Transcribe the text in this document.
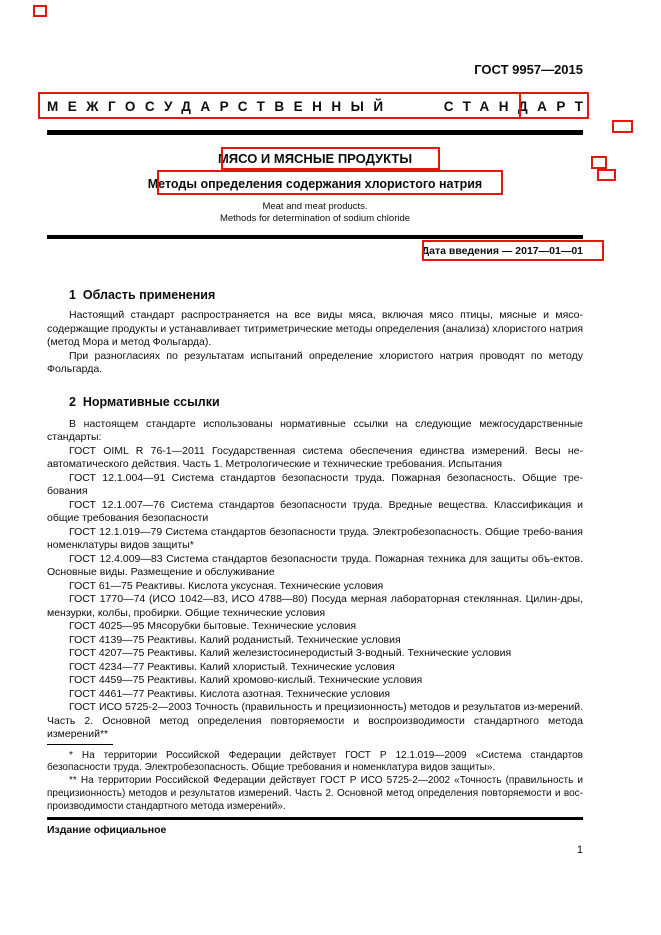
ГОСТ 9957—2015
МЕЖГОСУДАРСТВЕННЫЙ	СТАНДАРТ
МЯСО И МЯСНЫЕ ПРОДУКТЫ
Методы определения содержания хлористого натрия
Meat and meat products.
Methods for determination of sodium chloride
Дата введения — 2017—01—01
1  Область применения

Настоящий стандарт распространяется на все виды мяса, включая мясо птицы, мясные и мясо-содержащие продукты и устанавливает титриметрические методы определения (анализа) хлористого натрия (метод Мора и метод Фольгарда).

При разногласиях по результатам испытаний определение хлористого натрия проводят по методу Фольгарда.

2  Нормативные ссылки

В настоящем стандарте использованы нормативные ссылки на следующие межгосударственные стандарты:

ГОСТ OIML R 76-1—2011 Государственная система обеспечения единства измерений. Весы не-автоматического действия. Часть 1. Метрологические и технические требования. Испытания

ГОСТ 12.1.004—91 Система стандартов безопасности труда. Пожарная безопасность. Общие тре-бования

ГОСТ 12.1.007—76 Система стандартов безопасности труда. Вредные вещества. Классификация и общие требования безопасности

ГОСТ 12.1.019—79 Система стандартов безопасности труда. Электробезопасность. Общие требо-вания номенклатуры видов защиты*

ГОСТ 12.4.009—83 Система стандартов безопасности труда. Пожарная техника для защиты объ-ектов. Основные виды. Размещение и обслуживание

ГОСТ 61—75 Реактивы. Кислота уксусная. Технические условия

ГОСТ 1770—74 (ИСО 1042—83, ИСО 4788—80) Посуда мерная лабораторная стеклянная. Цилин-дры, мензурки, колбы, пробирки. Общие технические условия

ГОСТ 4025—95 Мясорубки бытовые. Технические условия

ГОСТ 4139—75 Реактивы. Калий роданистый. Технические условия

ГОСТ 4207—75 Реактивы. Калий железистосинеродистый 3-водный. Технические условия

ГОСТ 4234—77 Реактивы. Калий хлористый. Технические условия

ГОСТ 4459—75 Реактивы. Калий хромово-кислый. Технические условия

ГОСТ 4461—77 Реактивы. Кислота азотная. Технические условия

ГОСТ ИСО 5725-2—2003 Точность (правильность и прецизионность) методов и результатов из-мерений. Часть 2. Основной метод определения повторяемости и воспроизводимости стандартного метода измерений**

* На территории Российской Федерации действует ГОСТ Р 12.1.019—2009 «Система стандартов безопасности труда. Электробезопасность. Общие требования и номенклатура видов защиты».

** На территории Российской Федерации действует ГОСТ Р ИСО 5725-2—2002 «Точность (правильность и прецизионность) методов и результатов измерений. Часть 2. Основной метод определения повторяемости и вос-производимости стандартного метода измерений».

Издание официальное
1
